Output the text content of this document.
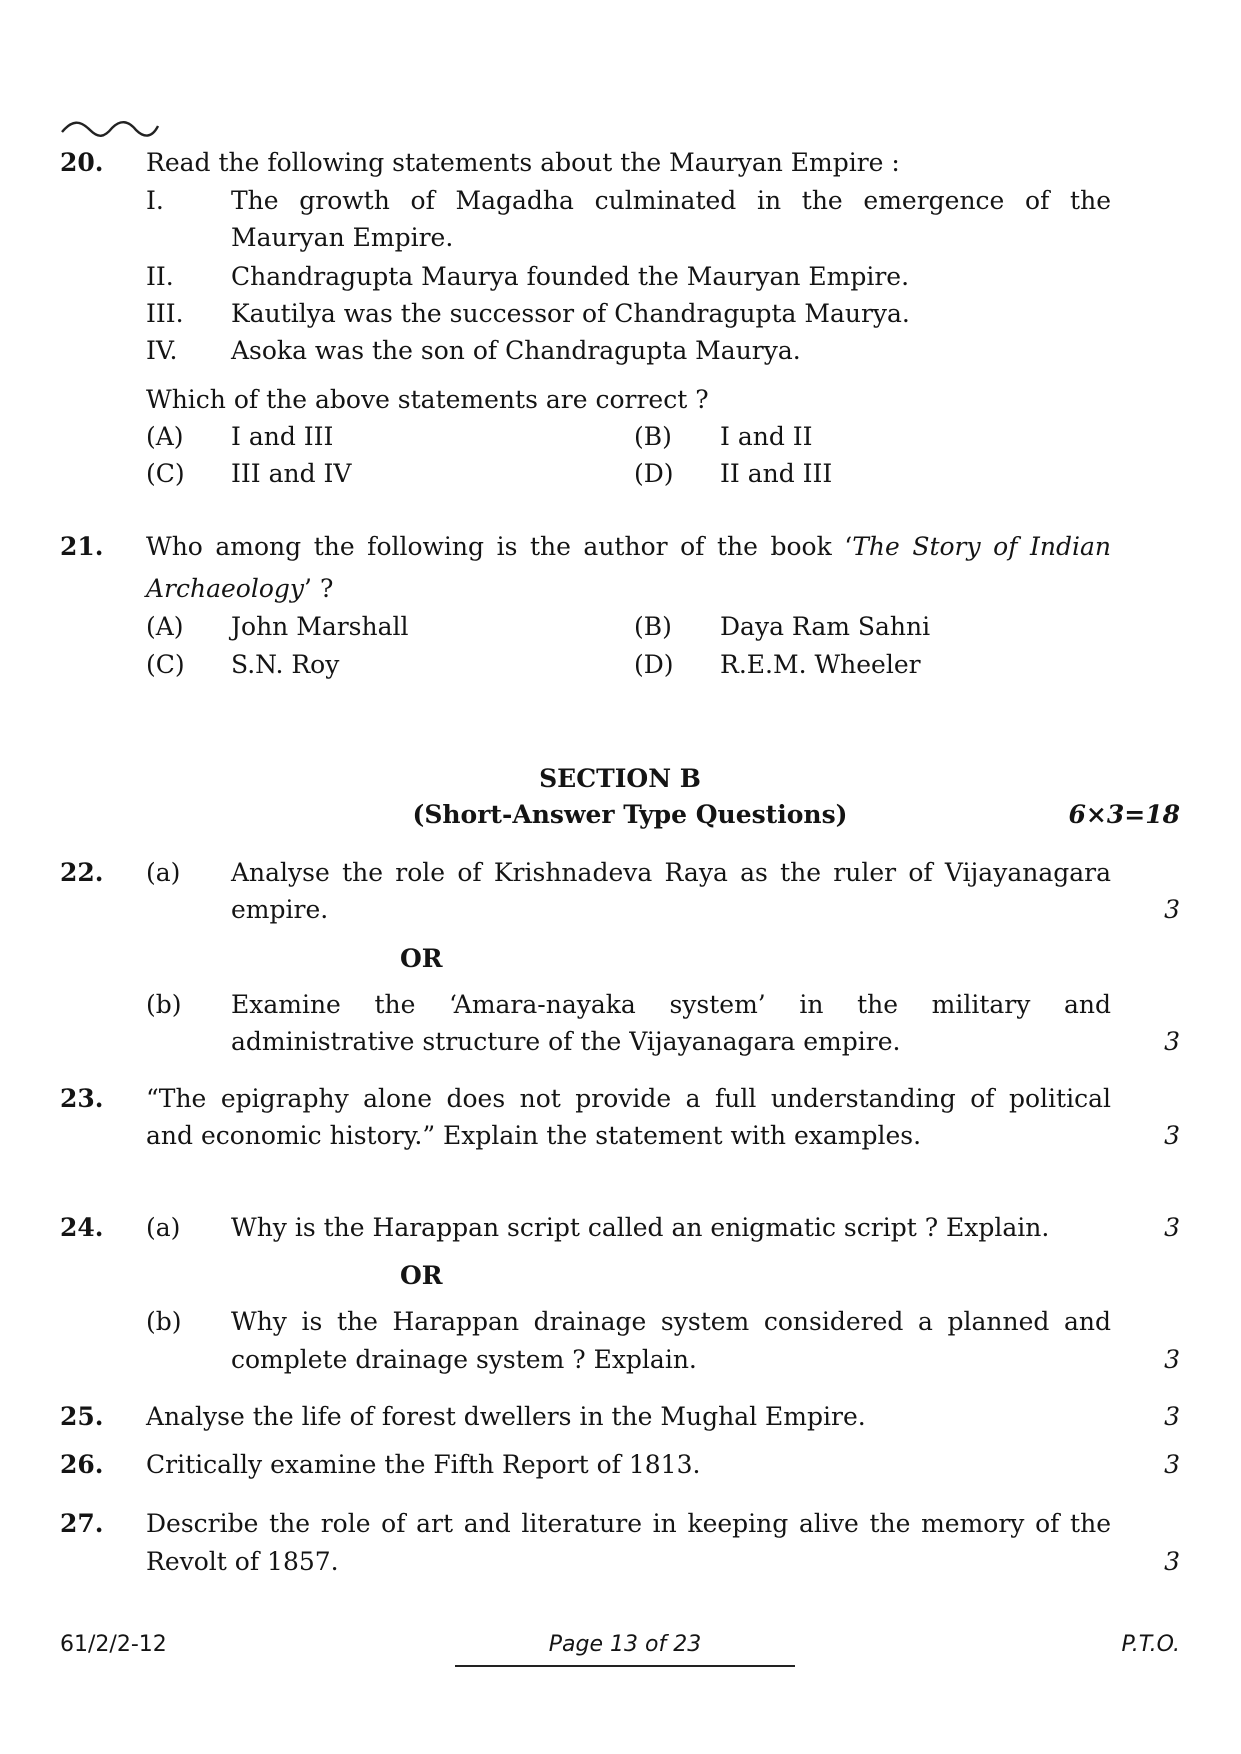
20. Read the following statements about the Mauryan Empire :
I.	The growth of Magadha culminated in the emergence of the
Mauryan Empire.
II. Chandragupta Maurya founded the Mauryan Empire.
III. Kautilya was the successor of Chandragupta Maurya.
IV. Asoka was the son of Chandragupta Maurya.
Which of the above statements are correct ?
(A) I and III	(B) I and II
(C) III and IV	(D) II and III
21. Who among the following is the author of the book ‘The Story of Indian
Archaeology’ ?
(A) John Marshall	(B) Daya Ram Sahni
(C) S.N. Roy	(D) R.E.M. Wheeler
SECTION B
(Short-Answer Type Questions)	6×3=18
22. (a) Analyse the role of Krishnadeva Raya as the ruler of Vijayanagara
empire.	3
OR
(b) Examine the ‘Amara-nayaka system’ in the military and
administrative structure of the Vijayanagara empire.	3
23. “The epigraphy alone does not provide a full understanding of political
and economic history.” Explain the statement with examples.	3
24. (a) Why is the Harappan script called an enigmatic script ? Explain.	3
OR
(b) Why is the Harappan drainage system considered a planned and
complete drainage system ? Explain.	3
25. Analyse the life of forest dwellers in the Mughal Empire.	3
26. Critically examine the Fifth Report of 1813.	3
27. Describe the role of art and literature in keeping alive the memory of the
Revolt of 1857.	3
61/2/2-12	Page 13 of 23	P.T.O.
